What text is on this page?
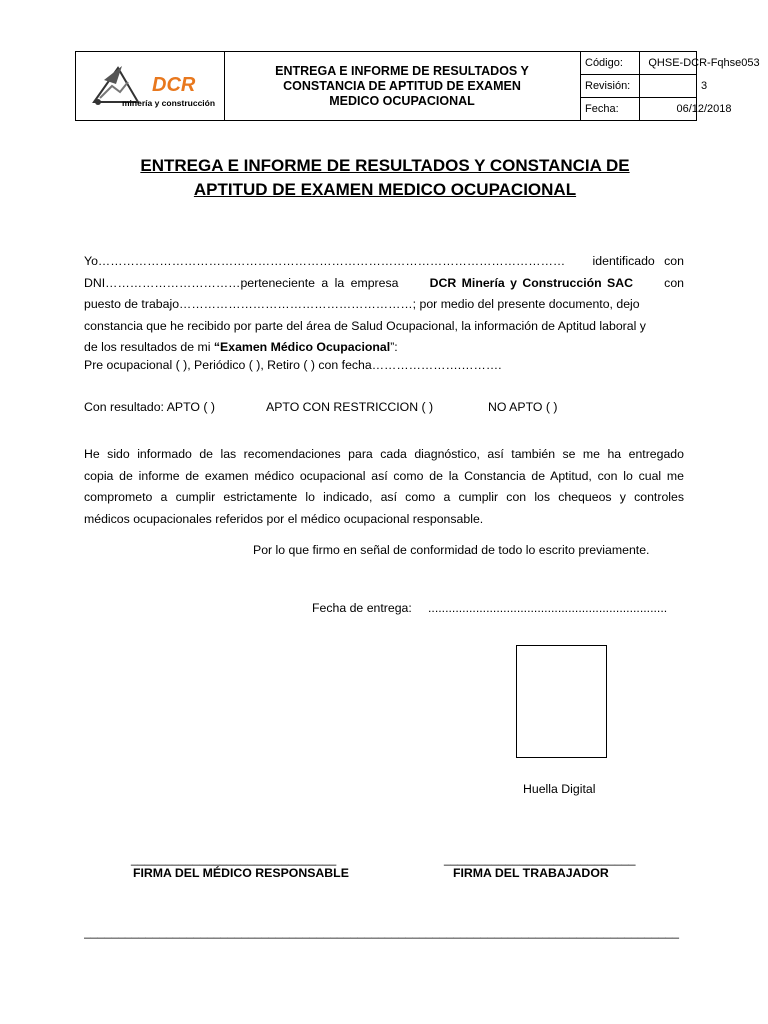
DCR
minería y construcción
ENTREGA E INFORME DE RESULTADOS Y CONSTANCIA DE APTITUD DE EXAMEN MEDICO OCUPACIONAL
Código:	QHSE-DCR-Fqhse053
Revisión:	3
Fecha:	06/12/2018
ENTREGA E INFORME DE RESULTADOS Y CONSTANCIA DE
APTITUD DE EXAMEN MEDICO OCUPACIONAL
Yo…………………………………………………………………………………………………… identificado con
DNI……………………………perteneciente a la empresa	DCR Minería y Construcción SAC	con
puesto de trabajo…………………………………………………; por medio del presente documento, dejo
constancia que he recibido por parte del área de Salud Ocupacional, la información de Aptitud laboral y
de los resultados de mi “Examen Médico Ocupacional”:
Pre ocupacional ( ), Periódico ( ), Retiro ( ) con fecha………………….……….
Con resultado: APTO ( )	APTO CON RESTRICCION ( )	NO APTO ( )
He sido informado de las recomendaciones para cada diagnóstico, así también se me ha entregado
copia de informe de examen médico ocupacional así como de la Constancia de Aptitud, con lo cual me
comprometo a cumplir estrictamente lo indicado, así como a cumplir con los chequeos y controles
médicos ocupacionales referidos por el médico ocupacional responsable.
Por lo que firmo en señal de conformidad de todo lo escrito previamente.
Fecha de entrega: ......................................................................
Huella Digital
______________________________	____________________________
FIRMA DEL MÉDICO RESPONSABLE	FIRMA DEL TRABAJADOR
_______________________________________________________________________________________
